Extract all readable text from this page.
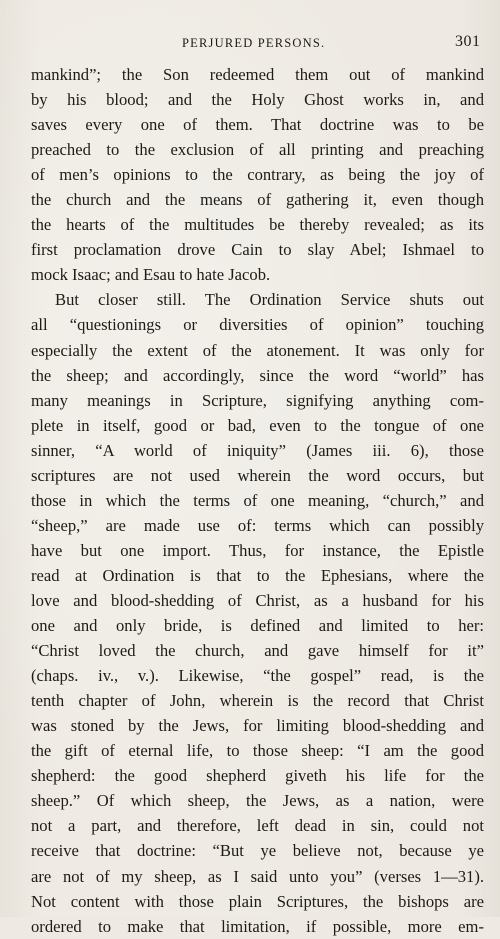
PERJURED PERSONS.	301
mankind”; the Son redeemed them out of mankind
by his blood; and the Holy Ghost works in, and
saves every one of them. That doctrine was to be
preached to the exclusion of all printing and preaching
of men’s opinions to the contrary, as being the joy of
the church and the means of gathering it, even though
the hearts of the multitudes be thereby revealed; as its
first proclamation drove Cain to slay Abel; Ishmael to
mock Isaac; and Esau to hate Jacob.
But closer still. The Ordination Service shuts out
all “questionings or diversities of opinion” touching
especially the extent of the atonement. It was only for
the sheep; and accordingly, since the word “world” has
many meanings in Scripture, signifying anything com-
plete in itself, good or bad, even to the tongue of one
sinner, “A world of iniquity” (James iii. 6), those
scriptures are not used wherein the word occurs, but
those in which the terms of one meaning, “church,” and
“sheep,” are made use of: terms which can possibly
have but one import. Thus, for instance, the Epistle
read at Ordination is that to the Ephesians, where the
love and blood-shedding of Christ, as a husband for his
one and only bride, is defined and limited to her:
“Christ loved the church, and gave himself for it”
(chaps. iv., v.). Likewise, “the gospel” read, is the
tenth chapter of John, wherein is the record that Christ
was stoned by the Jews, for limiting blood-shedding and
the gift of eternal life, to those sheep: “I am the good
shepherd: the good shepherd giveth his life for the
sheep.” Of which sheep, the Jews, as a nation, were
not a part, and therefore, left dead in sin, could not
receive that doctrine: “But ye believe not, because ye
are not of my sheep, as I said unto you” (verses 1—31).
Not content with those plain Scriptures, the bishops are
ordered to make that limitation, if possible, more em-
